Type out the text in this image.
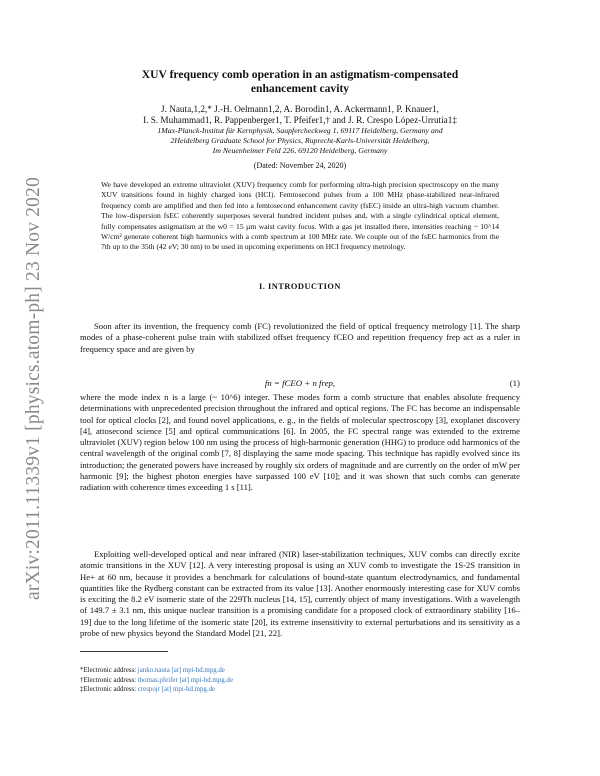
arXiv:2011.11339v1 [physics.atom-ph] 23 Nov 2020
XUV frequency comb operation in an astigmatism-compensated
enhancement cavity
J. Nauta,1,2,* J.-H. Oelmann1,2, A. Borodin1, A. Ackermann1, P. Knauer1,
I. S. Muhammad1, R. Pappenberger1, T. Pfeifer1,† and J. R. Crespo López-Urrutia1‡
1Max-Planck-Institut für Kernphysik, Saupfercheckweg 1, 69117 Heidelberg, Germany and
2Heidelberg Graduate School for Physics, Ruprecht-Karls-Universität Heidelberg,
Im Neuenheimer Feld 226, 69120 Heidelberg, Germany
(Dated: November 24, 2020)
We have developed an extreme ultraviolet (XUV) frequency comb for performing ultra-high precision spectroscopy on the many XUV transitions found in highly charged ions (HCI). Femtosecond pulses from a 100 MHz phase-stabilized near-infrared frequency comb are amplified and then fed into a femtosecond enhancement cavity (fsEC) inside an ultra-high vacuum chamber. The low-dispersion fsEC coherently superposes several hundred incident pulses and, with a single cylindrical optical element, fully compensates astigmatism at the w0 = 15 µm waist cavity focus. With a gas jet installed there, intensities reaching ~ 10^14 W/cm² generate coherent high harmonics with a comb spectrum at 100 MHz rate. We couple out of the fsEC harmonics from the 7th up to the 35th (42 eV; 30 nm) to be used in upcoming experiments on HCI frequency metrology.
I. INTRODUCTION
Soon after its invention, the frequency comb (FC) revolutionized the field of optical frequency metrology [1]. The sharp modes of a phase-coherent pulse train with stabilized offset frequency fCEO and repetition frequency frep act as a ruler in frequency space and are given by
fn = fCEO + n frep,	(1)
where the mode index n is a large (~ 10^6) integer. These modes form a comb structure that enables absolute frequency determinations with unprecedented precision throughout the infrared and optical regions. The FC has become an indispensable tool for optical clocks [2], and found novel applications, e. g., in the fields of molecular spectroscopy [3], exoplanet discovery [4], attosecond science [5] and optical communications [6]. In 2005, the FC spectral range was extended to the extreme ultraviolet (XUV) region below 100 nm using the process of high-harmonic generation (HHG) to produce odd harmonics of the central wavelength of the original comb [7, 8] displaying the same mode spacing. This technique has rapidly evolved since its introduction; the generated powers have increased by roughly six orders of magnitude and are currently on the order of mW per harmonic [9]; the highest photon energies have surpassed 100 eV [10]; and it was shown that such combs can generate radiation with coherence times exceeding 1 s [11].
Exploiting well-developed optical and near infrared (NIR) laser-stabilization techniques, XUV combs can directly excite atomic transitions in the XUV [12]. A very interesting proposal is using an XUV comb to investigate the 1S-2S transition in He+ at 60 nm, because it provides a benchmark for calculations of bound-state quantum electrodynamics, and fundamental quantities like the Rydberg constant can be extracted from its value [13]. Another enormously interesting case for XUV combs is exciting the 8.2 eV isomeric state of the 229Th nucleus [14, 15], currently object of many investigations. With a wavelength of 149.7 ± 3.1 nm, this unique nuclear transition is a promising candidate for a proposed clock of extraordinary stability [16–19] due to the long lifetime of the isomeric state [20], its extreme insensitivity to external perturbations and its sensitivity as a probe of new physics beyond the Standard Model [21, 22].
*Electronic address: janko.nauta [at] mpi-hd.mpg.de
†Electronic address: thomas.pfeifer [at] mpi-hd.mpg.de
‡Electronic address: crespojr [at] mpi-hd.mpg.de
